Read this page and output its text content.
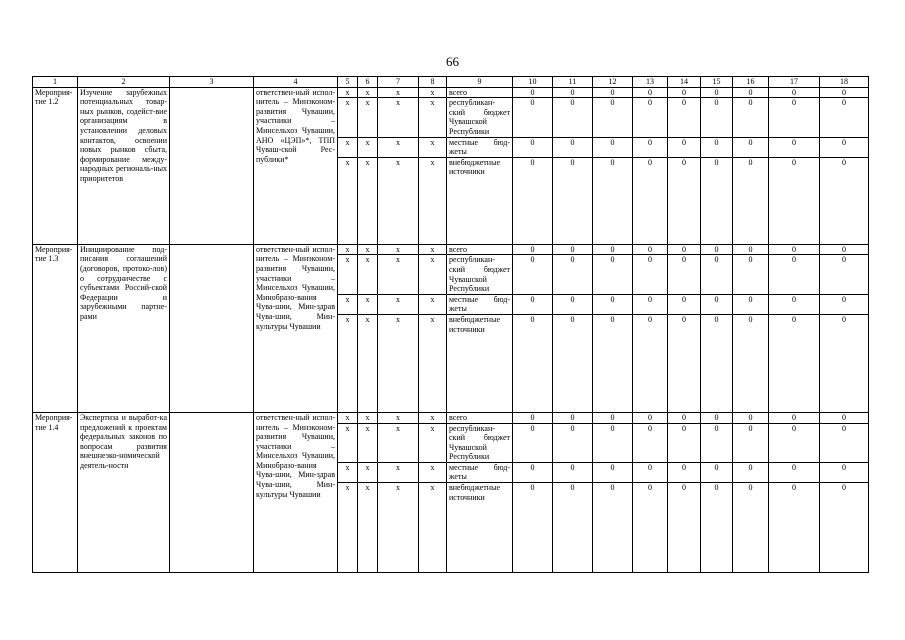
66
1	2	3	4	5	6	7	8	9	10	11	12	13	14	15	16	17	18
Мероприя-тие 1.2	Изучение зарубежных потенциальных товар-ных рынков, содейст-вие организациям в установлении деловых контактов, освоении новых рынков сбыта, формирование между-народных региональ-ных приоритетов		ответствен-ный испол-нитель – Минэконом-развития Чувашии, участники – Минсельхоз Чувашии, АНО «ЦЭП»*, ТПП Чуваш-ской Рес-публики*	x	x	x	x	всего	0	0	0	0	0	0	0	0	0
				x	x	x	x	республикан-ский бюджет Чувашской Республики	0	0	0	0	0	0	0	0	0
				x	x	x	x	местные бюд-жеты	0	0	0	0	0	0	0	0	0
				x	x	x	x	внебюджетные источники	0	0	0	0	0	0	0	0	0
Мероприя-тие 1.3	Инициирование под-писания соглашений (договоров, протоко-лов) о сотрудничестве с субъектами Россий-ской Федерации и зарубежными партне-рами		ответствен-ный испол-нитель – Минэконом-развития Чувашии, участники – Минсельхоз Чувашии, Минобразо-вания Чува-шии, Мин-здрав Чува-шии, Мин-культуры Чувашии	x	x	x	x	всего	0	0	0	0	0	0	0	0	0
				x	x	x	x	республикан-ский бюджет Чувашской Республики	0	0	0	0	0	0	0	0	0
				x	x	x	x	местные бюд-жеты	0	0	0	0	0	0	0	0	0
				x	x	x	x	внебюджетные источники	0	0	0	0	0	0	0	0	0
Мероприя-тие 1.4	Экспертиза и выработ-ка предложений к проектам федеральных законов по вопросам развития внешнеэко-номической деятель-ности		ответствен-ный испол-нитель – Минэконом-развития Чувашии, участники – Минсельхоз Чувашии, Минобразо-вания Чува-шии, Мин-здрав Чува-шии, Мин-культуры Чувашии	x	x	x	x	всего	0	0	0	0	0	0	0	0	0
				x	x	x	x	республикан-ский бюджет Чувашской Республики	0	0	0	0	0	0	0	0	0
				x	x	x	x	местные бюд-жеты	0	0	0	0	0	0	0	0	0
				x	x	x	x	внебюджетные источники	0	0	0	0	0	0	0	0	0
